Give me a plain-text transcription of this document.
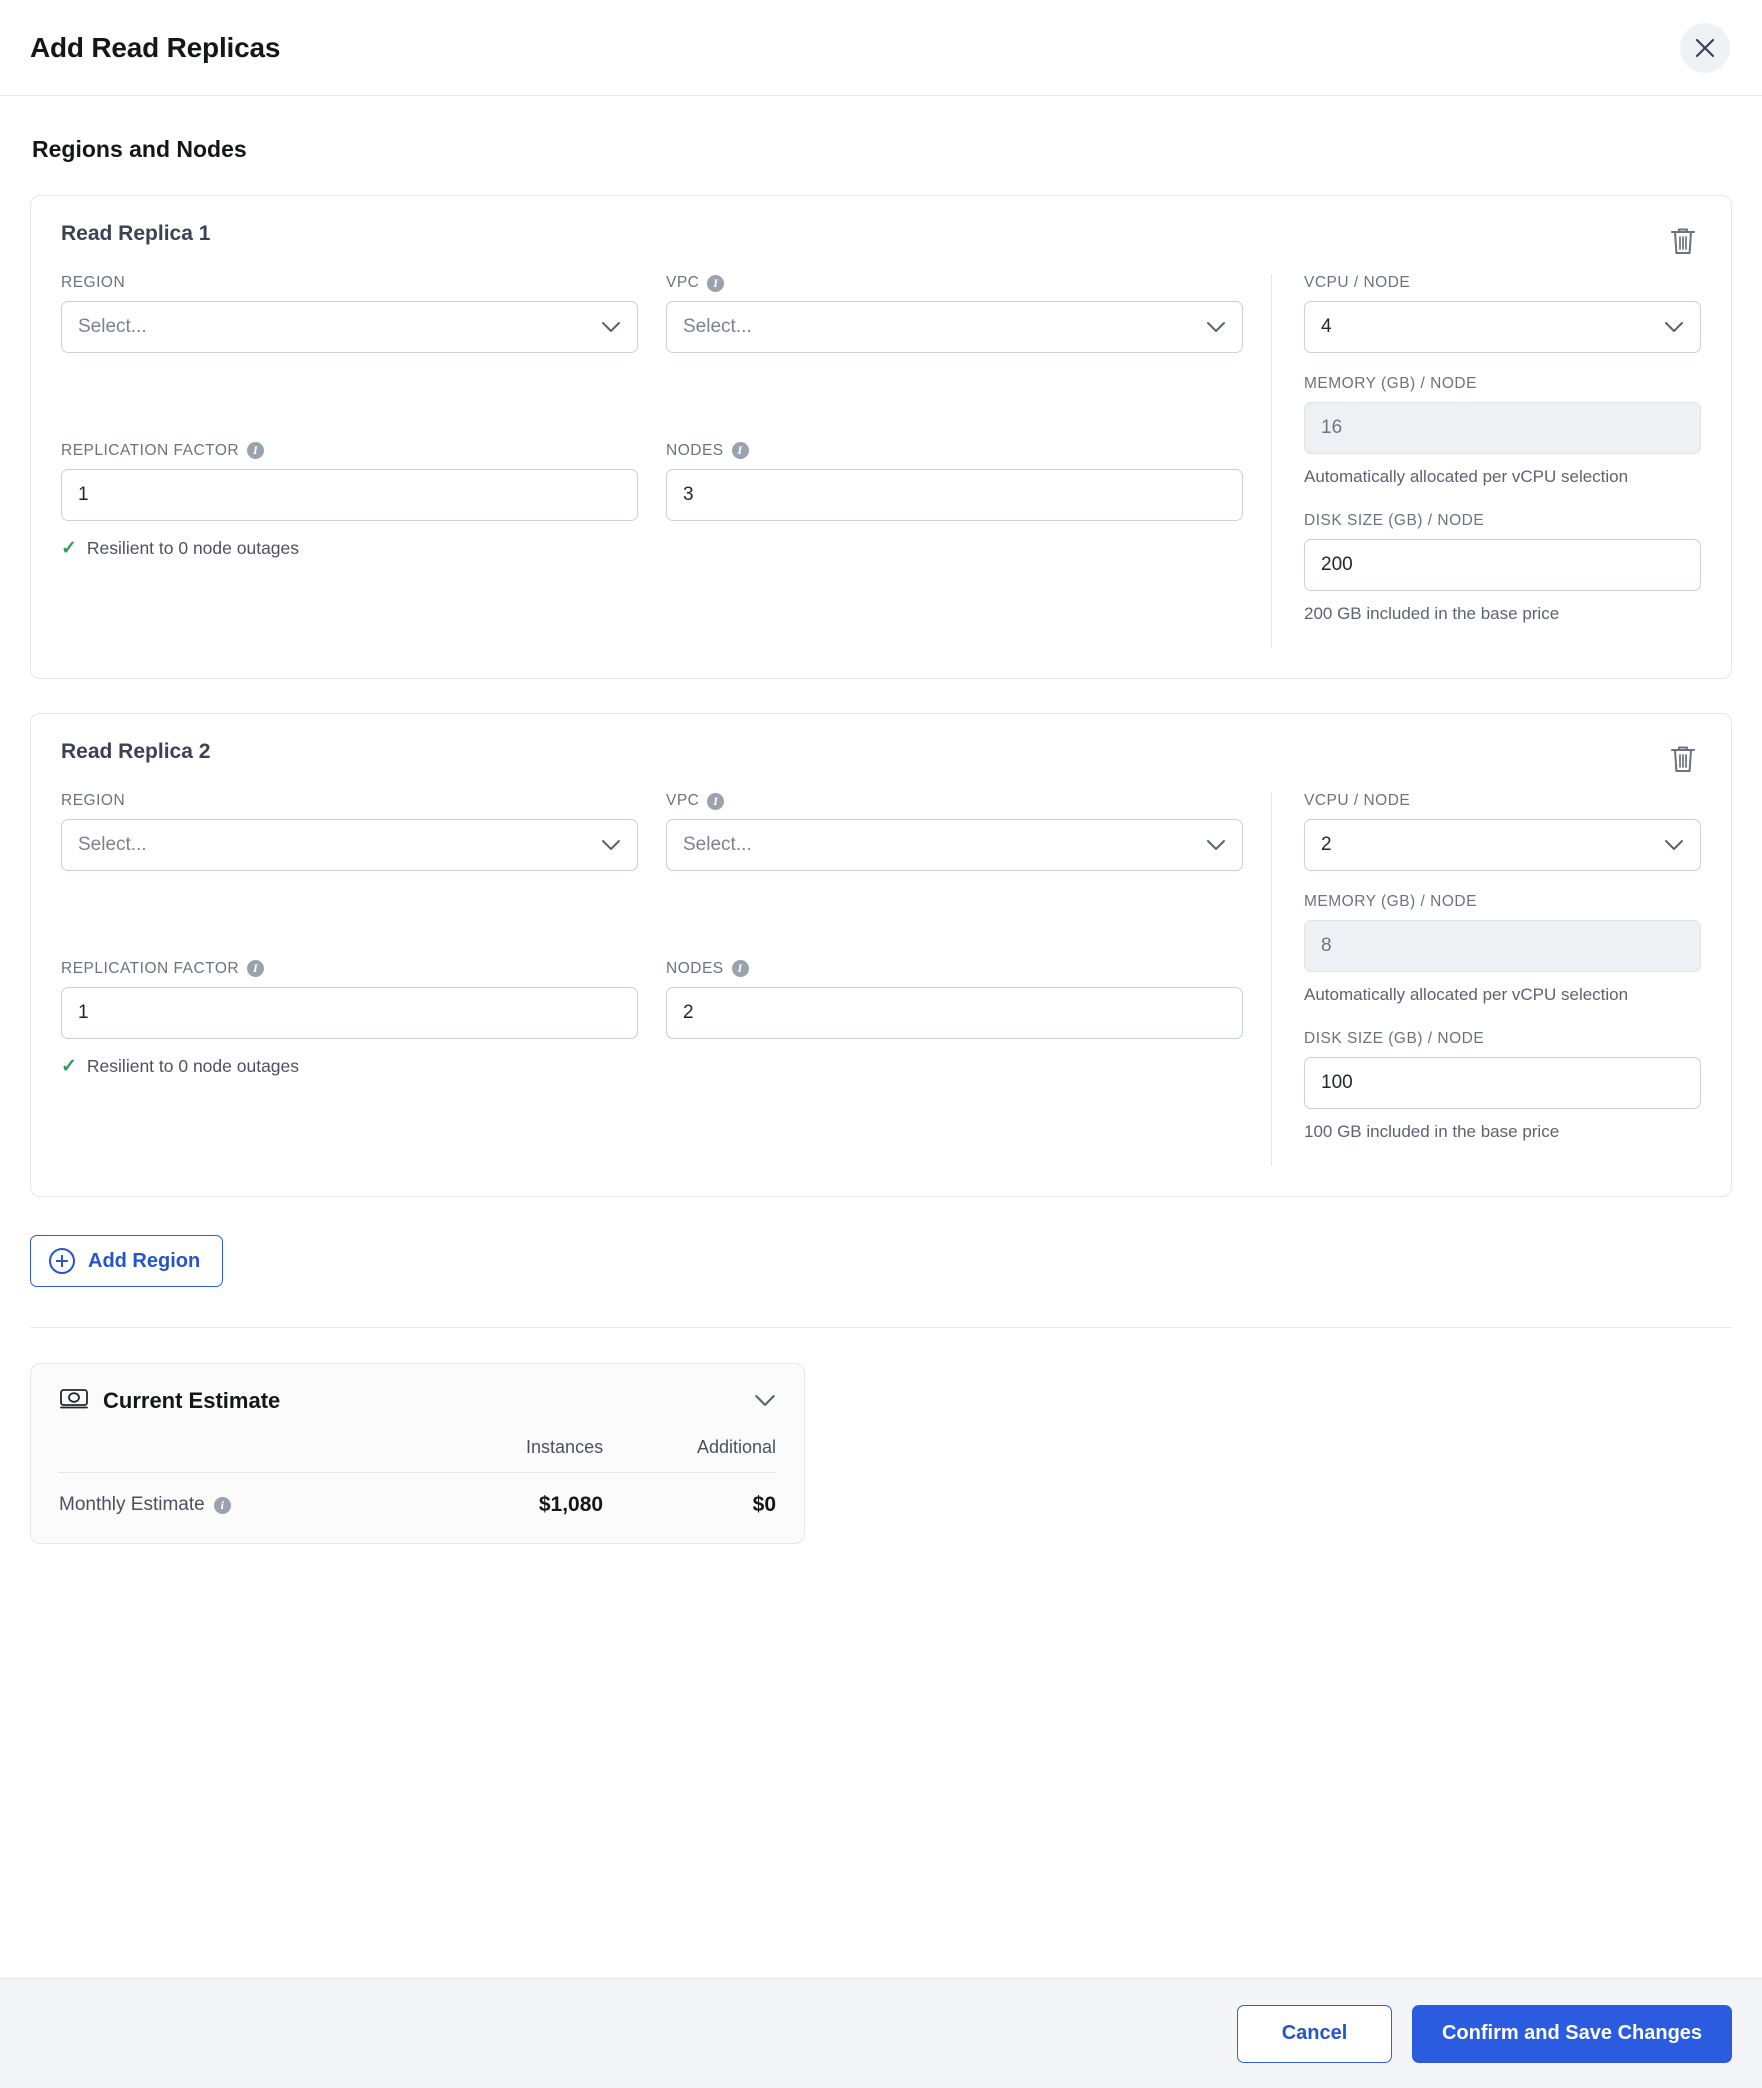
Add Read Replicas
Regions and Nodes
Read Replica 1
REGION
Select...
VPC	I
Select...
REPLICATION FACTOR	I
1
✓ Resilient to 0 node outages
NODES	I
3
VCPU / NODE
4
MEMORY (GB) / NODE
16
Automatically allocated per vCPU selection
DISK SIZE (GB) / NODE
200
200 GB included in the base price
Read Replica 2
REGION
Select...
VPC	I
Select...
REPLICATION FACTOR	I
1
✓ Resilient to 0 node outages
NODES	I
2
VCPU / NODE
2
MEMORY (GB) / NODE
8
Automatically allocated per vCPU selection
DISK SIZE (GB) / NODE
100
100 GB included in the base price
Add Region
Current Estimate
	Instances	Additional

Monthly Estimate i	$1,080	$0
Cancel	Confirm and Save Changes
